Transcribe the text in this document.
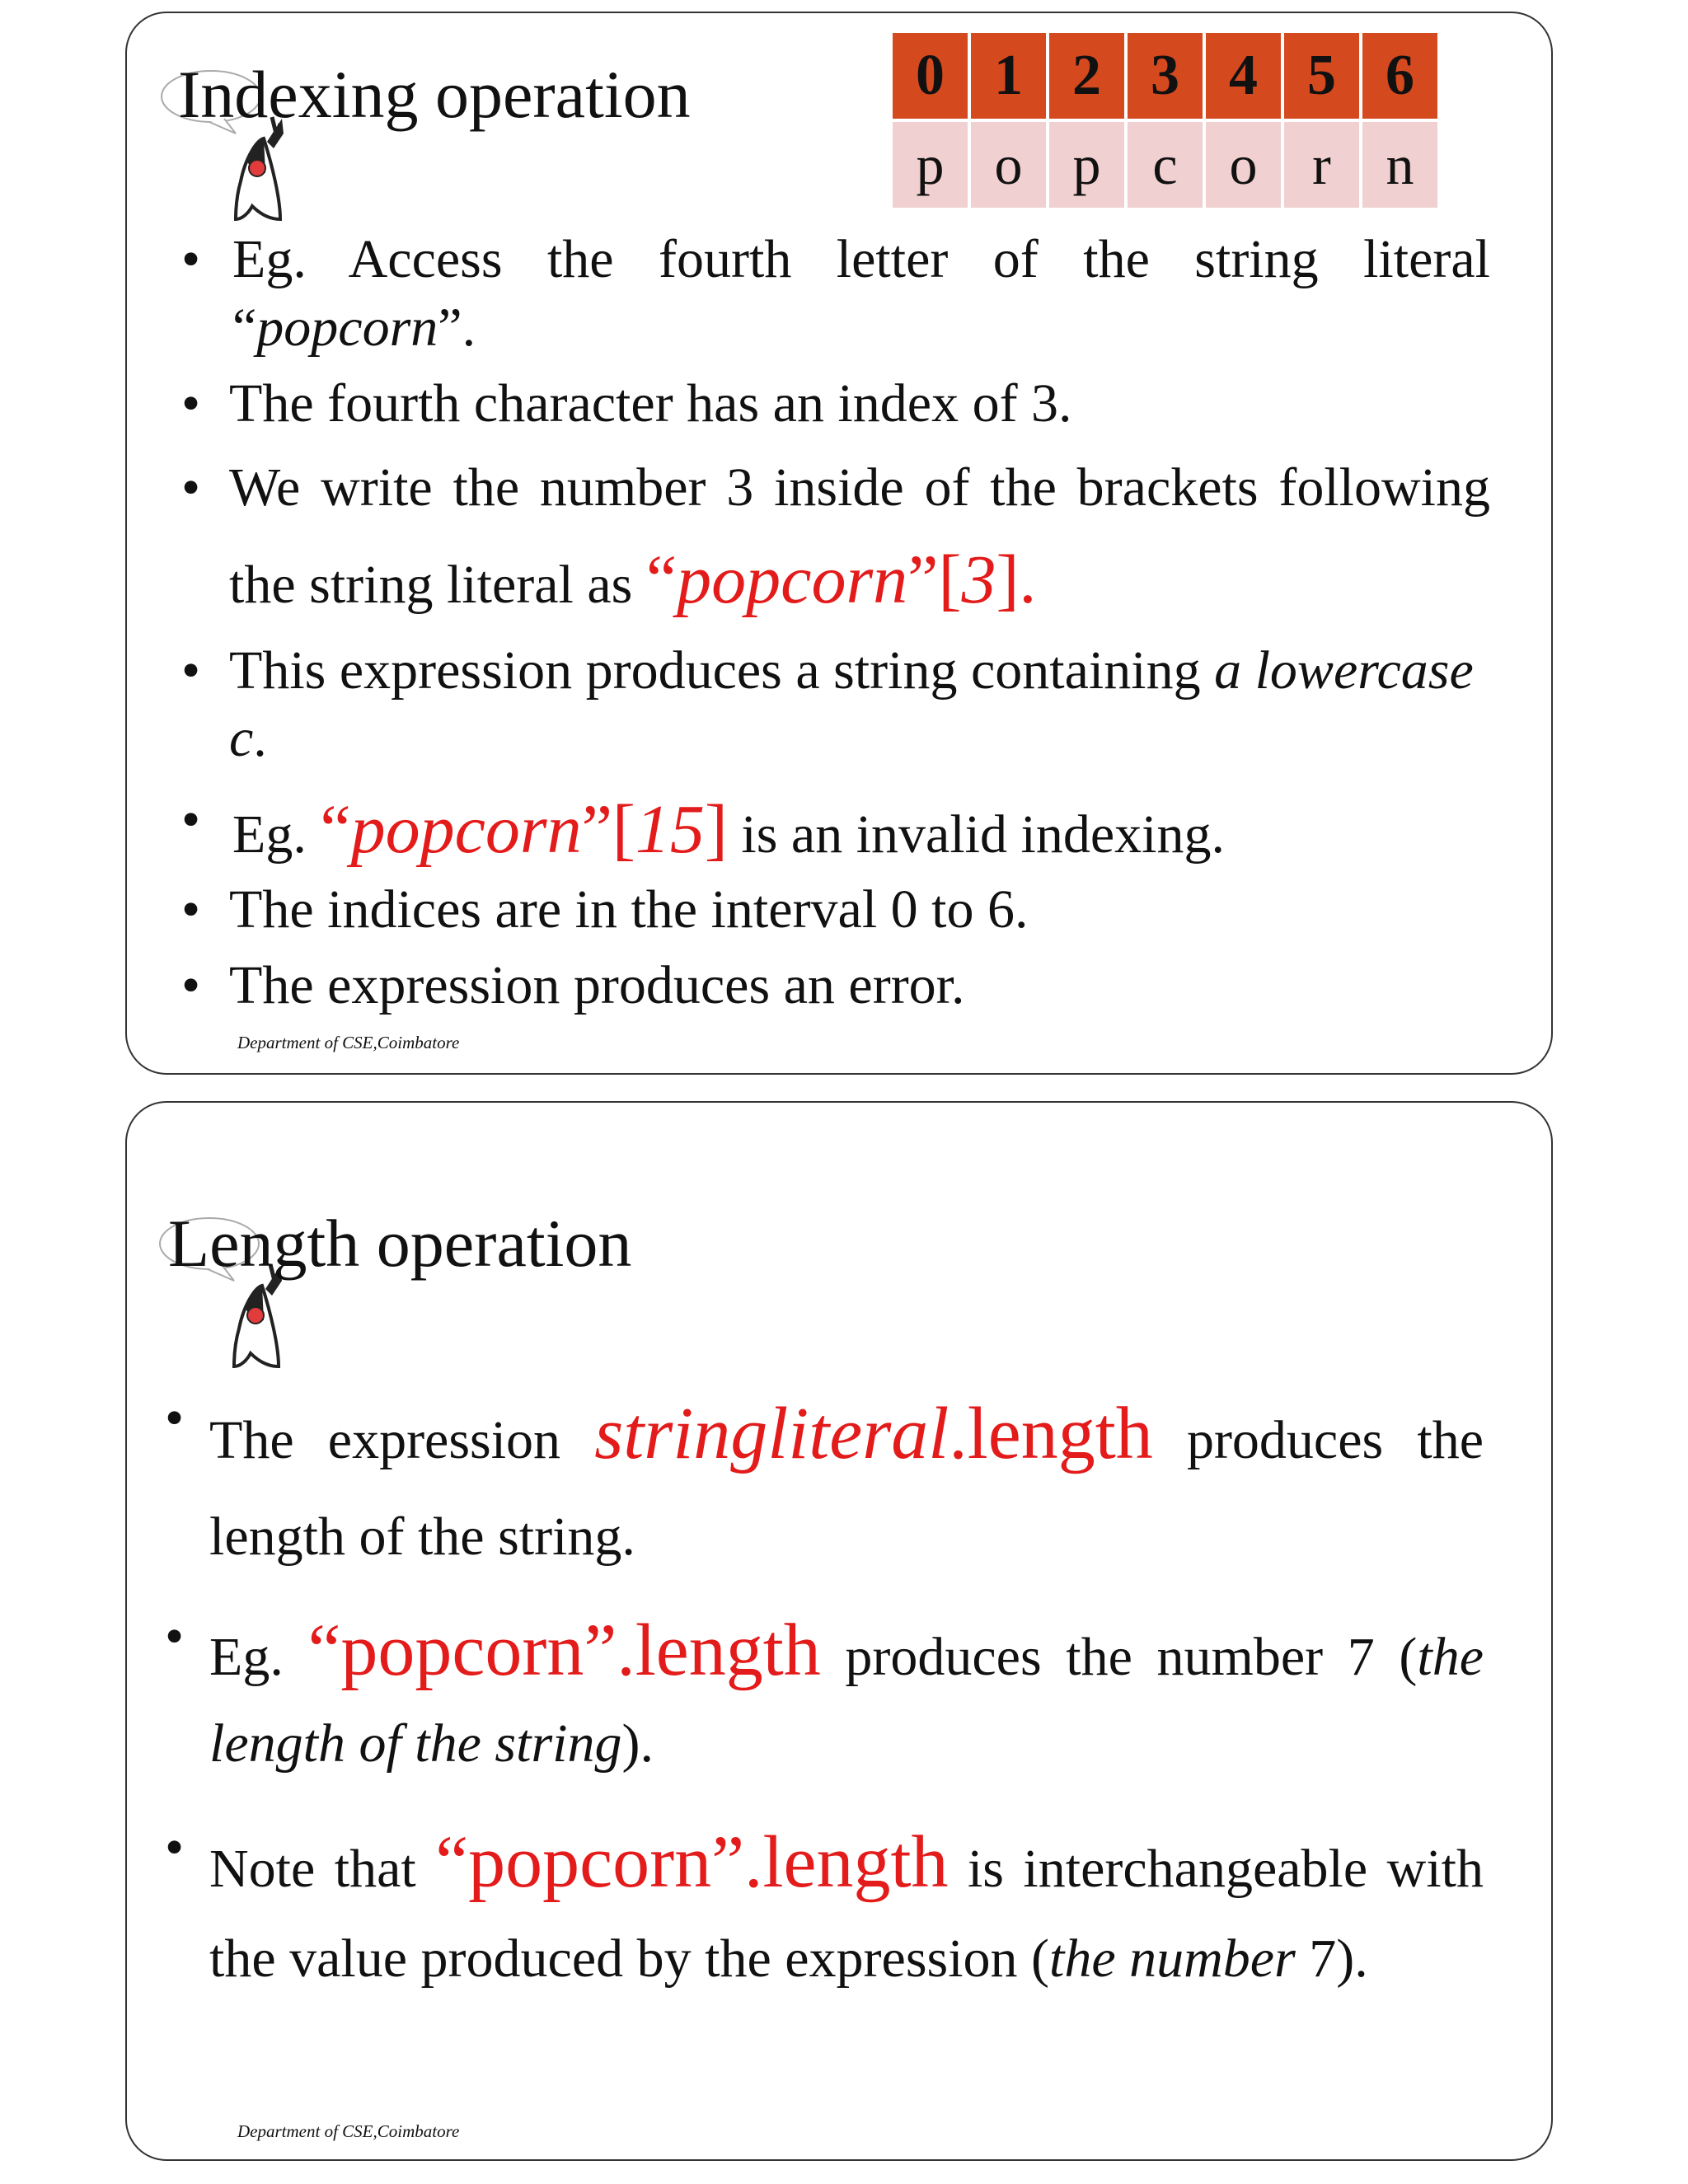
Indexing operation	0	1	2	3	4	5	6
p	o	p	c	o	r	n

• Eg. Access the fourth letter of the string literal “popcorn”.

• The fourth character has an index of 3.

• We write the number 3 inside of the brackets following the string literal as “popcorn”[3].

• This expression produces a string containing a lowercase c.

• Eg. “popcorn”[15] is an invalid indexing.

• The indices are in the interval 0 to 6.

• The expression produces an error.

Department of CSE,Coimbatore
Length operation

• The expression stringliteral.length produces the length of the string.

• Eg. “popcorn”.length produces the number 7 (the length of the string).

• Note that “popcorn”.length is interchangeable with the value produced by the expression (the number 7).

Department of CSE,Coimbatore
